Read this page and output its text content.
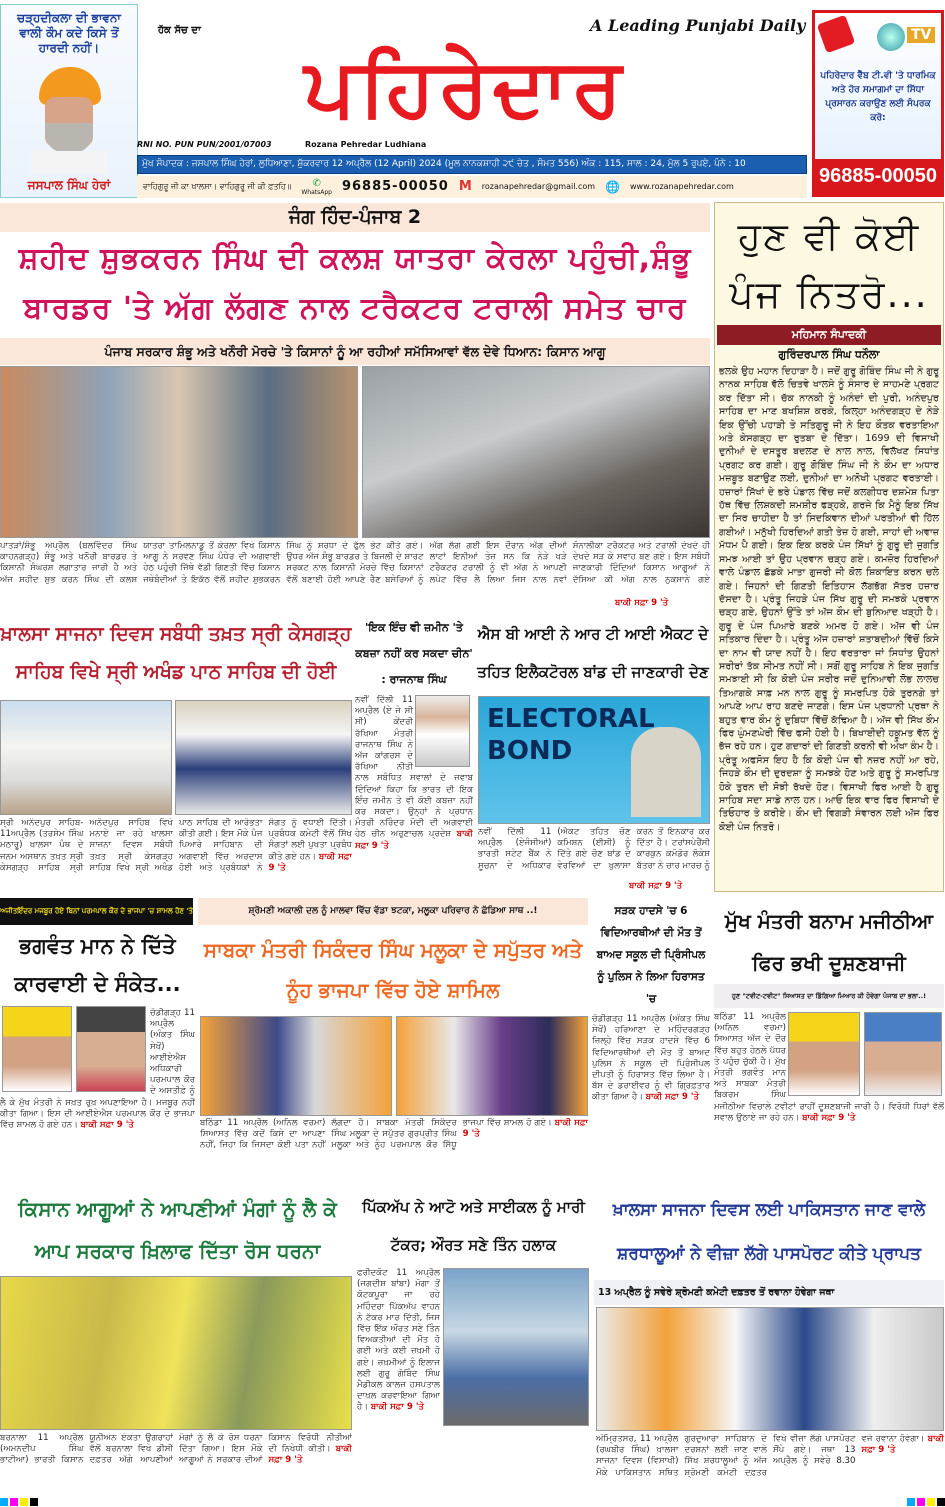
ਚੜ੍ਹਦੀਕਲਾ ਦੀ ਭਾਵਨਾ ਵਾਲੀ ਕੌਮ ਕਦੇ ਕਿਸੇ ਤੋਂ ਹਾਰਦੀ ਨਹੀਂ।
ਜਸਪਾਲ ਸਿੰਘ ਹੇਰਾਂ
ਹੱਕ ਸੱਚ ਦਾ	A Leading Punjabi Daily
ਪਹਿਰੇਦਾਰ
RNI NO. PUN PUN/2001/07003	Rozana Pehredar Ludhiana
ਮੁੱਖ ਸੰਪਾਦਕ : ਜਸਪਾਲ ਸਿੰਘ ਹੇਰਾਂ, ਲੁਧਿਆਣਾ, ਸ਼ੁੱਕਰਵਾਰ 12 ਅਪ੍ਰੈਲ (12 April) 2024 (ਮੂਲ ਨਾਨਕਸ਼ਾਹੀ ੨੯ ਚੇਤ , ਸੰਮਤ 556) ਅੰਕ : 115, ਸਾਲ : 24, ਮੁੱਲ 5 ਰੁਪਏ, ਪੰਨੇ : 10
ਵਾਹਿਗੁਰੂ ਜੀ ਕਾ ਖਾਲਸਾ। ਵਾਹਿਗੁਰੂ ਜੀ ਕੀ ਫ਼ਤਹਿ॥ ✆
WhatsApp 96885-00050 M rozanapehredar@gmail.com 🌐 www.rozanapehredar.com
TV
ਪਹਿਰੇਦਾਰ ਵੈੱਬ ਟੀ.ਵੀ 'ਤੇ ਧਾਰਮਿਕ ਅਤੇ ਹੋਰ ਸਮਾਗਮਾਂ ਦਾ ਸਿੱਧਾ ਪ੍ਰਸਾਰਨ ਕਰਾਉਣ ਲਈ ਸੰਪਰਕ ਕਰੋ:
96885-00050
ਜੰਗ ਹਿੰਦ-ਪੰਜਾਬ 2
ਸ਼ਹੀਦ ਸ਼ੁਭਕਰਨ ਸਿੰਘ ਦੀ ਕਲਸ਼ ਯਾਤਰਾ ਕੇਰਲਾ ਪਹੁੰਚੀ,ਸ਼ੰਭੂ ਬਾਰਡਰ 'ਤੇ ਅੱਗ ਲੱਗਣ ਨਾਲ ਟਰੈਕਟਰ ਟਰਾਲੀ ਸਮੇਤ ਚਾਰ
ਪੰਜਾਬ ਸਰਕਾਰ ਸ਼ੰਭੂ ਅਤੇ ਖਨੌਰੀ ਮੋਰਚੇ 'ਤੇ ਕਿਸਾਨਾਂ ਨੂੰ ਆ ਰਹੀਆਂ ਸਮੱਸਿਆਵਾਂ ਵੱਲ ਦੇਵੇ ਧਿਆਨ: ਕਿਸਾਨ ਆਗੂ
ਪਾਤੜਾਂ/ਸ਼ੰਭੂ ਅਪ੍ਰੈਲ (ਬਲਵਿੰਦਰ ਸਿੰਘ ਕਾਹਨਗੜ੍ਹ) ਸ਼ੰਭੂ ਅਤੇ ਖਨੌਰੀ ਬਾਰਡਰ ਤੇ ਕਿਸਾਨੀ ਸੰਘਰਸ਼ ਲਗਾਤਾਰ ਜਾਰੀ ਹੈ ਅਤੇ ਅੱਜ ਸ਼ਹੀਦ ਸ਼ੁਭ ਕਰਨ ਸਿੰਘ ਦੀ ਕਲਸ਼ ਯਾਤਰਾ ਤਾਮਿਲਨਾਡੂ ਤੋਂ ਕੇਰਲਾ ਵਿਖੇ ਕਿਸਾਨ ਆਗੂ ਨੇ ਸਰਵਣ ਸਿੰਘ ਪੰਧੇਰ ਦੀ ਅਗਵਾਈ ਹੇਠ ਪਹੁੰਚੀ ਜਿੱਥੇ ਵੱਡੀ ਗਿਣਤੀ ਵਿੱਚ ਕਿਸਾਨ ਜਥੇਬੰਦੀਆਂ ਤੇ ਇਕੱਠ ਵੱਲੋਂ ਸ਼ਹੀਦ ਸ਼ੁਭਕਰਨ ਸਿੰਘ ਨੂੰ ਸ਼ਰਧਾ ਦੇ ਫੁੱਲ ਭੇਟ ਕੀਤੇ ਗਏ। ਉਧਰ ਅੱਜ ਸ਼ੰਭੂ ਬਾਰਡਰ ਤੇ ਬਿਜਲੀ ਦੇ ਸ਼ਾਰਟ ਸਰਕਟ ਨਾਲ ਕਿਸਾਨੀ ਮੋਰਚੇ ਵਿੱਚ ਕਿਸਾਨਾਂ ਵੱਲੋਂ ਬਣਾਈ ਹੋਈ ਆਪਣੇ ਰੈਣ ਬਸੇਰਿਆਂ ਨੂੰ ਅੱਗ ਲੱਗ ਗਈ ਇਸ ਦੌਰਾਨ ਅੱਗ ਦੀਆਂ ਲਾਟਾਂ ਇਨੀਆਂ ਤੇਜ਼ ਸਨ ਕਿ ਨੇੜੇ ਖੜੇ ਟਰੈਕਟਰ ਟਰਾਲੀ ਨੂੰ ਵੀ ਅੱਗ ਨੇ ਆਪਣੀ ਲਪੇਟ ਵਿੱਚ ਲੈ ਲਿਆ ਜਿਸ ਨਾਲ ਨਵਾਂ ਸੋਨਾਲੀਕਾ ਟਰੈਕਟਰ ਅਤੇ ਟਰਾਲੀ ਦੇਖਦੇ ਹੀ ਦੇਖਦੇ ਸੜ ਕੇ ਸਵਾਹ ਬਣ ਗਏ। ਇਸ ਸਬੰਧੀ ਜਾਣਕਾਰੀ ਦਿੰਦਿਆਂ ਕਿਸਾਨ ਆਗੂਆਂ ਨੇ ਦੱਸਿਆ ਕੀ ਅੱਗ ਨਾਲ ਨੁਕਸਾਨੇ ਗਏ
ਬਾਕੀ ਸਫ਼ਾ 9 'ਤੇ
ਖ਼ਾਲਸਾ ਸਾਜਨਾ ਦਿਵਸ ਸਬੰਧੀ ਤਖ਼ਤ ਸ੍ਰੀ ਕੇਸਗੜ੍ਹ ਸਾਹਿਬ ਵਿਖੇ ਸ੍ਰੀ ਅਖੰਡ ਪਾਠ ਸਾਹਿਬ ਦੀ ਹੋਈ
ਸ੍ਰੀ ਅਨੰਦਪੁਰ ਸਾਹਿਬ- 11ਅਪ੍ਰੈਲ (ਤਰਸੇਮ ਸਿੰਘ ਮਠਾਰੂ) ਖਾਲਸਾ ਪੰਥ ਦੇ ਜਨਮ ਅਸਥਾਨ ਤਖ਼ਤ ਸ੍ਰੀ ਕੇਸਗੜ੍ਹ ਸਾਹਿਬ ਸ੍ਰੀ ਅਨੰਦਪੁਰ ਸਾਹਿਬ ਵਿਖੇ ਮਨਾਏ ਜਾ ਰਹੇ ਖਾਲਸਾ ਸਾਜਨਾ ਦਿਵਸ ਸਬੰਧੀ ਤਖ਼ਤ ਸ੍ਰੀ ਕੇਸਗੜ੍ਹ ਸਾਹਿਬ ਵਿਖੇ ਸ੍ਰੀ ਅਖੰਡ ਪਾਠ ਸਾਹਿਬ ਦੀ ਆਰੰਭਤਾ ਕੀਤੀ ਗਈ। ਇਸ ਮੌਕੇ ਪੰਜ ਪਿਆਰੇ ਸਾਹਿਬਾਨ ਦੀ ਅਗਵਾਈ ਵਿੱਚ ਅਰਦਾਸ ਹੋਈ ਅਤੇ ਪ੍ਰਬੰਧਕਾਂ ਨੇ ਸੰਗਤ ਨੂੰ ਵਧਾਈ ਦਿੱਤੀ। ਪ੍ਰਬੰਧਕ ਕਮੇਟੀ ਵੱਲੋਂ ਸਿੱਖ ਸੰਗਤਾਂ ਲਈ ਪੁਖਤਾ ਪ੍ਰਬੰਧ ਕੀਤੇ ਗਏ ਹਨ। ਬਾਕੀ ਸਫ਼ਾ 9 'ਤੇ
'ਇਕ ਇੰਚ ਵੀ ਜ਼ਮੀਨ 'ਤੇ ਕਬਜ਼ਾ ਨਹੀਂ ਕਰ ਸਕਦਾ ਚੀਨ' : ਰਾਜਨਾਥ ਸਿੰਘ
ਨਵੀਂ ਦਿੱਲੀ 11 ਅਪ੍ਰੈਲ (ਏ ਜੇ ਸੀ ਸੀ) ਕੇਂਦਰੀ ਰੱਖਿਆ ਮੰਤਰੀ ਰਾਜਨਾਥ ਸਿੰਘ ਨੇ ਅੱਜ ਕਾਂਗਰਸ ਦੇ ਰੱਖਿਆ ਨੀਤੀ ਨਾਲ ਸਬੰਧਿਤ ਸਵਾਲਾਂ ਦੇ ਜਵਾਬ ਦਿੰਦਿਆਂ ਕਿਹਾ ਕਿ ਭਾਰਤ ਦੀ ਇਕ ਇੰਚ ਜ਼ਮੀਨ ਤੇ ਵੀ ਕੋਈ ਕਬਜ਼ਾ ਨਹੀਂ ਕਰ ਸਕਦਾ। ਉਨ੍ਹਾਂ ਨੇ ਪ੍ਰਧਾਨ ਮੰਤਰੀ ਨਰਿੰਦਰ ਮੋਦੀ ਦੀ ਅਗਵਾਈ ਹੇਠ ਚੀਨ ਅਰੁਣਾਚਲ ਪ੍ਰਦੇਸ਼ ਬਾਕੀ ਸਫ਼ਾ 9 'ਤੇ
ਐਸ ਬੀ ਆਈ ਨੇ ਆਰ ਟੀ ਆਈ ਐਕਟ ਦੇ ਤਹਿਤ ਇਲੈਕਟੋਰਲ ਬਾਂਡ ਦੀ ਜਾਣਕਾਰੀ ਦੇਣ
ELECTORAL BOND
ਨਵੀਂ ਦਿੱਲੀ 11 ਅਪ੍ਰੈਲ (ਏਜੰਸੀਆਂ) ਭਾਰਤੀ ਸਟੇਟ ਬੈਂਕ ਨੇ ਸੂਚਨਾ ਦੇ ਅਧਿਕਾਰ (ਐਕਟ ਤਹਿਤ ਚੋਣ ਕਮਿਸ਼ਨ (ਈਸੀ) ਨੂੰ ਦਿੱਤੇ ਗਏ ਚੋਣ ਬਾਂਡ ਦੇ ਵੇਰਵਿਆਂ ਦਾ ਖੁਲਾਸਾ ਕਰਨ ਤੋਂ ਇਨਕਾਰ ਕਰ ਦਿੱਤਾ ਹੈ। ਟਰਾਂਸਪੇਰੈਂਸੀ ਕਾਰਕੁਨ ਕਮੋਡੋਰ ਲੋਕੇਸ਼ ਬੱਤਰਾ ਨੇ ਚਾਰ ਮਾਰਚ ਨੂੰ
ਬਾਕੀ ਸਫ਼ਾ 9 'ਤੇ
ਹੁਣ ਵੀ ਕੋਈ ਪੰਜ ਨਿਤਰੋ...
ਮਹਿਮਾਨ ਸੰਪਾਦਕੀ
ਗੁਰਿੰਦਰਪਾਲ ਸਿੰਘ ਧਨੌਲਾ
ਭਲਕੇ ਉਹ ਮਹਾਨ ਦਿਹਾੜਾ ਹੈ। ਜਦੋਂ ਗੁਰੂ ਗੋਬਿੰਦ ਸਿੰਘ ਜੀ ਨੇ ਗੁਰੂ ਨਾਨਕ ਸਾਹਿਬ ਵੱਲੋ ਚਿਤਵੇ ਖਾਲਸੇ ਨੂੰ ਸੰਸਾਰ ਦੇ ਸਾਹਮਣੇ ਪ੍ਰਗਟ ਕਰ ਦਿੱਤਾ ਸੀ। ਚੱਕ ਨਾਨਕੀ ਨੂੰ ਅਨੰਦਾਂ ਦੀ ਪੁਰੀ, ਅਨੰਦਪੁਰ ਸਾਹਿਬ ਦਾ ਮਾਣ ਬਖਸ਼ਿਸ਼ ਕਰਕੇ, ਕਿਲ੍ਹਾ ਅਨੰਦਗੜ੍ਹ ਦੇ ਨੇੜੇ ਇਕ ਉੱਚੀ ਪਹਾੜੀ ਤੇ ਸਤਿਗੁਰੂ ਜੀ ਨੇ ਇਹ ਕੌਤਕ ਵਰਤਾਇਆ ਅਤੇ ਕੇਸਗੜ੍ਹ ਦਾ ਰੁਤਬਾ ਦੇ ਦਿੱਤਾ। 1699 ਦੀ ਵਿਸਾਖੀ ਦੁਨੀਆਂ ਦੇ ਦਸਤੂਰ ਬਦਲਣ ਦੇ ਨਾਲ ਨਾਲ, ਵਿਲੱਖਣ ਸਿਧਾਂਤ ਪ੍ਰਗਟ ਕਰ ਗਈ। ਗੁਰੂ ਗੋਬਿੰਦ ਸਿੰਘ ਜੀ ਨੇ ਕੌਮ ਦਾ ਅਧਾਰ ਮਜ਼ਬੂਤ ਬਣਾਉਣ ਲਈ, ਦੁਨੀਆਂ ਦਾ ਅਨੋਖੀ ਪ੍ਰਗਟ ਵਰਤਾਈ। ਹਜ਼ਾਰਾਂ ਸਿੱਖਾਂ ਦੇ ਭਰੇ ਪੰਡਾਲ ਵਿੱਚ ਜਦੋਂ ਕਲਗੀਧਰ ਦਸ਼ਮੇਸ਼ ਪਿਤਾ ਹੱਥ ਵਿੱਚ ਲਿਸ਼ਕਦੀ ਸ਼ਮਸ਼ੀਰ ਫੜ੍ਹਕੇ, ਗਰਜੇ ਕਿ ਮੈਨੂੰ ਇਕ ਸਿੱਖ ਦਾ ਸਿਰ ਚਾਹੀਦਾ ਹੈ ਤਾਂ ਸਿਦਕਿਵਾਨ ਦੀਆਂ ਪਰਤੀਆਂ ਵੀ ਹਿੱਲ ਗਈਆਂ। ਮਨੁੱਖੀ ਹਿਰਦਿਆਂ ਗਤੀ ਤੇਜ਼ ਹੋ ਗਈ, ਸਾਹਾਂ ਦੀ ਅਵਾਜ਼ ਮੱਧਮ ਪੈ ਗਈ। ਇਕ ਇਕ ਕਰਕੇ ਪੰਜ ਸਿੱਖਾਂ ਨੂੰ ਗੁਰੂ ਦੀ ਜੁਗਤਿ ਸਮਝ ਆਈ ਤਾਂ ਉਹ ਪ੍ਰਵਾਨ ਚੜ੍ਹ ਗਏ। ਕਮਜ਼ੋਰ ਹਿਰਦਿਆਂ ਵਾਲੇ ਪੰਡਾਲ ਛੱਡਕੇ ਮਾਤਾ ਗੁਜਰੀ ਜੀ ਕੋਲ ਸ਼ਿਕਾਇਤ ਕਰਨ ਚਲੇ ਗਏ। ਜਿਹਨਾਂ ਦੀ ਗਿਣਤੀ ਇਤਿਹਾਸ ਲੱਗਭੱਗ ਸੱਤਰ ਹਜ਼ਾਰ ਦੱਸਦਾ ਹੈ। ਪ੍ਰੰਤੂ ਜਿਹੜੇ ਪੰਜ ਸਿੱਖ ਗੁਰੂ ਦੀ ਸਮਝਕੇ ਪ੍ਰਵਾਨ ਚੜ੍ਹ ਗਏ, ਉਹਨਾਂ ਉੱਤੇ ਤਾਂ ਅੱਜ ਕੌਮ ਦੀ ਬੁਨਿਆਦ ਖੜ੍ਹੀ ਹੈ। ਗੁਰੂ ਦੇ ਪੰਜ ਪਿਆਰੇ ਬਣਕੇ ਅਮਰ ਹੋ ਗਏ। ਅੱਜ ਵੀ ਪੰਜ ਸਤਿਕਾਰ ਦਿੰਦਾ ਹੈ। ਪ੍ਰੰਤੂ ਅੱਜ ਹਜ਼ਾਰਾਂ ਸ਼ਤਾਬਦੀਆਂ ਵਿੱਚੋਂ ਕਿਸੇ ਦਾ ਨਾਮ ਵੀ ਯਾਦ ਨਹੀਂ ਹੈ। ਇਹ ਵਰਤਾਰਾ ਜਾਂ ਸਿਧਾਂਤ ਉਹਨਾਂ ਸਰੀਰਾਂ ਤੱਕ ਸੀਮਤ ਨਹੀਂ ਸੀ। ਸਗੋਂ ਗੁਰੂ ਸਾਹਿਬ ਨੇ ਇਕ ਜੁਗਤਿ ਸਮਝਾਈ ਸੀ ਕਿ ਕੋਈ ਪੰਜ ਸਰੀਰ ਜਦੋਂ ਦੁਨਿਆਵੀ ਲੋਭ ਲਾਲਚ ਤਿਆਗਕੇ ਸਾਫ਼ ਮਨ ਨਾਲ ਗੁਰੂ ਨੂੰ ਸਮਰਪਿਤ ਹੋਕੇ ਤੁਰਨਗੇ ਤਾਂ ਆਪਣੇ ਆਪ ਰਾਹ ਬਣਦੇ ਜਾਣਗੇ। ਇਸ ਪੰਜ ਪ੍ਰਧਾਨੀ ਪ੍ਰਥਾ ਨੇ ਬਹੁਤ ਵਾਰ ਕੌਮ ਨੂੰ ਦੁਬਿਧਾ ਵਿੱਚੋਂ ਕੱਢਿਆ ਹੈ। ਅੱਜ ਵੀ ਸਿੱਖ ਕੌਮ ਫਿਰ ਘੁੰਮਣਘੇਰੀ ਵਿੱਚ ਫਸੀ ਹੋਈ ਹੈ। ਬਿਖਾਈਦੀ ਹਕੂਮਤ ਵੱਲ ਨੂੰ ਭੱਜ ਰਹੇ ਹਨ। ਹੁਣ ਗਦਾਰਾਂ ਦੀ ਗਿਣਤੀ ਕਰਨੀ ਵੀ ਔਖਾ ਕੰਮ ਹੈ। ਪ੍ਰੰਤੂ ਅਫਸੋਸ ਇਹ ਹੈ ਕਿ ਕੋਈ ਪੰਜ ਵੀ ਨਜ਼ਰ ਨਹੀਂ ਆ ਰਹੇ, ਜਿਹੜੇ ਕੌਮ ਦੀ ਦੁਰਦਸ਼ਾ ਨੂੰ ਸਮਝਕੇ ਹੋਣ ਅਤੇ ਗੁਰੂ ਨੂੰ ਸਮਰਪਿਤ ਹੋਕੇ ਤੁਰਨ ਦੀ ਸੋਝੀ ਰੱਖਦੇ ਹੋਣ। ਵਿਸਾਖੀ ਫਿਰ ਆਈ ਹੈ ਗੁਰੂ ਸਾਹਿਬ ਸਦਾ ਸਾਡੇ ਨਾਲ ਹਨ। ਆਓ ਇਕ ਵਾਰ ਫਿਰ ਵਿਸਾਖੀ ਦੇ ਤਿਓਹਾਰ ਤੇ ਕਰੀਏ। ਕੌਮ ਦੀ ਵਿਗੜੀ ਸੰਵਾਰਨ ਲਈ ਅੱਜ ਫਿਰ ਕੋਈ ਪੰਜ ਨਿਤਰੋ।
ਅਜੀਤਇੰਦਰ ਮਜਬੂਰ ਹੋਏ ਬਿਨਾਂ ਪਰਮਪਾਲ ਕੌਰ ਦੇ ਭਾਜਪਾ 'ਚ ਸ਼ਾਮਲ ਹੋਣ 'ਤੇ
ਭਗਵੰਤ ਮਾਨ ਨੇ ਦਿੱਤੇ ਕਾਰਵਾਈ ਦੇ ਸੰਕੇਤ...
ਚੰਡੀਗੜ੍ਹ 11 ਅਪ੍ਰੈਲ (ਅੰਕਤ ਸਿੰਘ ਸੇਖੋਂ) ਆਈਏਐਸ ਅਧਿਕਾਰੀ ਪਰਮਪਾਲ ਕੌਰ ਦੇ ਅਸਤੀਫ਼ੇ ਨੂੰ ਲੈ ਕੇ ਮੁੱਖ ਮੰਤਰੀ ਨੇ ਸਖ਼ਤ ਰੁਖ਼ ਅਪਣਾਇਆ ਹੈ। ਮਜਬੂਰ ਨਹੀਂ ਕੀਤਾ ਗਿਆ। ਇਸ ਦੀ ਆਈਏਐਸ ਪਰਮਪਾਲ ਕੌਰ ਦੇ ਭਾਜਪਾ ਵਿੱਚ ਸ਼ਾਮਲ ਹੋ ਗਏ ਹਨ। ਬਾਕੀ ਸਫ਼ਾ 9 'ਤੇ
ਸ਼੍ਰੋਮਣੀ ਅਕਾਲੀ ਦਲ ਨੂੰ ਮਾਲਵਾ ਵਿੱਚ ਵੱਡਾ ਝਟਕਾ, ਮਲੂਕਾ ਪਰਿਵਾਰ ਨੇ ਛੱਡਿਆ ਸਾਥ ..!
ਸਾਬਕਾ ਮੰਤਰੀ ਸਿਕੰਦਰ ਸਿੰਘ ਮਲੂਕਾ ਦੇ ਸਪੁੱਤਰ ਅਤੇ ਨੂੰਹ ਭਾਜਪਾ ਵਿੱਚ ਹੋਏ ਸ਼ਾਮਿਲ
ਬਠਿੰਡਾ 11 ਅਪ੍ਰੈਲ (ਅਨਿਲ ਵਰਮਾ) ਸਿਆਸਤ ਵਿੱਚ ਕਦੋਂ ਕਿਸੇ ਦਾ ਆਪਣਾ ਨਹੀਂ, ਜਿਹਾ ਕਿ ਜਿਸਦਾ ਕੋਈ ਪਤਾ ਨਹੀਂ ਲੱਗਦਾ ਹੈ। ਸਾਬਕਾ ਮੰਤਰੀ ਸਿਕੰਦਰ ਸਿੰਘ ਮਲੂਕਾ ਦੇ ਸਪੁੱਤਰ ਗੁਰਪ੍ਰੀਤ ਸਿੰਘ ਮਲੂਕਾ ਅਤੇ ਨੂੰਹ ਪਰਮਪਾਲ ਕੌਰ ਸਿੱਧੂ ਭਾਜਪਾ ਵਿੱਚ ਸ਼ਾਮਲ ਹੋ ਗਏ। ਬਾਕੀ ਸਫ਼ਾ 9 'ਤੇ
ਸੜਕ ਹਾਦਸੇ 'ਚ 6 ਵਿਦਿਆਰਥੀਆਂ ਦੀ ਮੌਤ ਤੋਂ ਬਾਅਦ ਸਕੂਲ ਦੀ ਪ੍ਰਿੰਸੀਪਲ ਨੂੰ ਪੁਲਿਸ ਨੇ ਲਿਆ ਹਿਰਾਸਤ 'ਚ
ਚੰਡੀਗੜ੍ਹ 11 ਅਪ੍ਰੈਲ (ਅੰਕਤ ਸਿੰਘ ਸੇਖੋਂ) ਹਰਿਆਣਾ ਦੇ ਮਹਿੰਦਰਗੜ੍ਹ ਜ਼ਿਲ੍ਹੇ ਵਿੱਚ ਸੜਕ ਹਾਦਸੇ ਵਿੱਚ 6 ਵਿਦਿਆਰਥੀਆਂ ਦੀ ਮੌਤ ਤੋਂ ਬਾਅਦ ਪੁਲਿਸ ਨੇ ਸਕੂਲ ਦੀ ਪ੍ਰਿੰਸੀਪਲ ਦੀਪਤੀ ਨੂੰ ਹਿਰਾਸਤ ਵਿੱਚ ਲਿਆ ਹੈ। ਬੱਸ ਦੇ ਡਰਾਈਵਰ ਨੂੰ ਵੀ ਗ੍ਰਿਫ਼ਤਾਰ ਕੀਤਾ ਗਿਆ ਹੈ। ਬਾਕੀ ਸਫ਼ਾ 9 'ਤੇ
ਮੁੱਖ ਮੰਤਰੀ ਬਨਾਮ ਮਜੀਠੀਆ ਫਿਰ ਭਖੀ ਦੂਸ਼ਣਬਾਜੀ
ਹੁਣ "ਟਵੀਟ-ਟਵੀਟ" ਸਿਆਸਤ ਦਾ ਡਿੱਗਿਆ ਮਿਆਰ ਕੀ ਹੋਵੇਗਾ ਪੰਜਾਬ ਦਾ ਭਲਾ..!
ਬਠਿੰਡਾ 11 ਅਪ੍ਰੈਲ (ਅਨਿਲ ਵਰਮਾ) ਸਿਆਸਤ ਅੱਜ ਦੇ ਦੌਰ ਵਿੱਚ ਬਹੁਤ ਹੇਠਲੇ ਪੱਧਰ ਤੇ ਪਹੁੰਚ ਚੁੱਕੀ ਹੈ। ਮੁੱਖ ਮੰਤਰੀ ਭਗਵੰਤ ਮਾਨ ਅਤੇ ਸਾਬਕਾ ਮੰਤਰੀ ਬਿਕਰਮ ਸਿੰਘ ਮਜੀਠੀਆ ਵਿਚਾਲੇ ਟਵੀਟਾਂ ਰਾਹੀਂ ਦੂਸ਼ਣਬਾਜੀ ਜਾਰੀ ਹੈ। ਵਿਰੋਧੀ ਧਿਰਾਂ ਵੱਲੋਂ ਸਵਾਲ ਉਠਾਏ ਜਾ ਰਹੇ ਹਨ। ਬਾਕੀ ਸਫ਼ਾ 9 'ਤੇ
ਕਿਸਾਨ ਆਗੂਆਂ ਨੇ ਆਪਣੀਆਂ ਮੰਗਾਂ ਨੂੰ ਲੈ ਕੇ ਆਪ ਸਰਕਾਰ ਖ਼ਿਲਾਫ ਦਿੱਤਾ ਰੋਸ ਧਰਨਾ
ਬਰਨਾਲਾ 11 ਅਪ੍ਰੈਲ (ਅਮਨਦੀਪ ਸਿੰਘ ਭਾਟੀਆ) ਭਾਰਤੀ ਕਿਸਾਨ ਯੂਨੀਅਨ ਏਕਤਾ ਉਗਰਾਹਾਂ ਵੱਲੋਂ ਬਰਨਾਲਾ ਵਿਖੇ ਡੀਸੀ ਦਫ਼ਤਰ ਅੱਗੇ ਆਪਣੀਆਂ ਮੰਗਾਂ ਨੂੰ ਲੈ ਕੇ ਰੋਸ ਧਰਨਾ ਦਿੱਤਾ ਗਿਆ। ਇਸ ਮੌਕੇ ਆਗੂਆਂ ਨੇ ਸਰਕਾਰ ਦੀਆਂ ਕਿਸਾਨ ਵਿਰੋਧੀ ਨੀਤੀਆਂ ਦੀ ਨਿਖੇਧੀ ਕੀਤੀ। ਬਾਕੀ ਸਫ਼ਾ 9 'ਤੇ
ਪਿੱਕਅੱਪ ਨੇ ਆਟੋ ਅਤੇ ਸਾਈਕਲ ਨੂੰ ਮਾਰੀ ਟੱਕਰ; ਔਰਤ ਸਣੇ ਤਿੰਨ ਹਲਾਕ
ਫਰੀਦਕੋਟ 11 ਅਪ੍ਰੈਲ (ਜਗਦੀਸ਼ ਬਾਂਬਾ) ਮੋਗਾ ਤੋਂ ਕੋਟਕਪੂਰਾ ਜਾ ਰਹੇ ਮਹਿੰਦਰਾ ਪਿੱਕਅੱਪ ਵਾਹਨ ਨੇ ਟੱਕਰ ਮਾਰ ਦਿੱਤੀ, ਜਿਸ ਵਿੱਚ ਇੱਕ ਔਰਤ ਸਣੇ ਤਿੰਨ ਵਿਅਕਤੀਆਂ ਦੀ ਮੌਤ ਹੋ ਗਈ ਅਤੇ ਕਈ ਜ਼ਖ਼ਮੀ ਹੋ ਗਏ। ਜ਼ਖ਼ਮੀਆਂ ਨੂੰ ਇਲਾਜ ਲਈ ਗੁਰੂ ਗੋਬਿੰਦ ਸਿੰਘ ਮੈਡੀਕਲ ਕਾਲਜ ਹਸਪਤਾਲ ਦਾਖ਼ਲ ਕਰਵਾਇਆ ਗਿਆ ਹੈ। ਬਾਕੀ ਸਫ਼ਾ 9 'ਤੇ
ਖ਼ਾਲਸਾ ਸਾਜਨਾ ਦਿਵਸ ਲਈ ਪਾਕਿਸਤਾਨ ਜਾਣ ਵਾਲੇ ਸ਼ਰਧਾਲੂਆਂ ਨੇ ਵੀਜ਼ਾ ਲੱਗੇ ਪਾਸਪੋਰਟ ਕੀਤੇ ਪ੍ਰਾਪਤ
13 ਅਪ੍ਰੈਲ ਨੂੰ ਸਵੇਰੇ ਸ਼੍ਰੋਮਣੀ ਕਮੇਟੀ ਦਫ਼ਤਰ ਤੋਂ ਰਵਾਨਾ ਹੋਵੇਗਾ ਜਥਾ
ਅੰਮ੍ਰਿਤਸਰ, 11 ਅਪ੍ਰੈਲ (ਰਘਬੀਰ ਸਿੰਘ) ਖ਼ਾਲਸਾ ਸਾਜਨਾ ਦਿਵਸ (ਵਿਸਾਖੀ) ਮੌਕੇ ਪਾਕਿਸਤਾਨ ਸਥਿਤ ਗੁਰਦੁਆਰਾ ਸਾਹਿਬਾਨ ਦੇ ਦਰਸ਼ਨਾਂ ਲਈ ਜਾਣ ਵਾਲੇ ਸਿੱਖ ਸ਼ਰਧਾਲੂਆਂ ਨੂੰ ਅੱਜ ਸ਼੍ਰੋਮਣੀ ਕਮੇਟੀ ਦਫ਼ਤਰ ਵਿਖੇ ਵੀਜ਼ਾ ਲੱਗੇ ਪਾਸਪੋਰਟ ਸੌਂਪੇ ਗਏ। ਜਥਾ 13 ਅਪ੍ਰੈਲ ਨੂੰ ਸਵੇਰੇ 8.30 ਵਜੇ ਰਵਾਨਾ ਹੋਵੇਗਾ। ਬਾਕੀ ਸਫ਼ਾ 9 'ਤੇ
